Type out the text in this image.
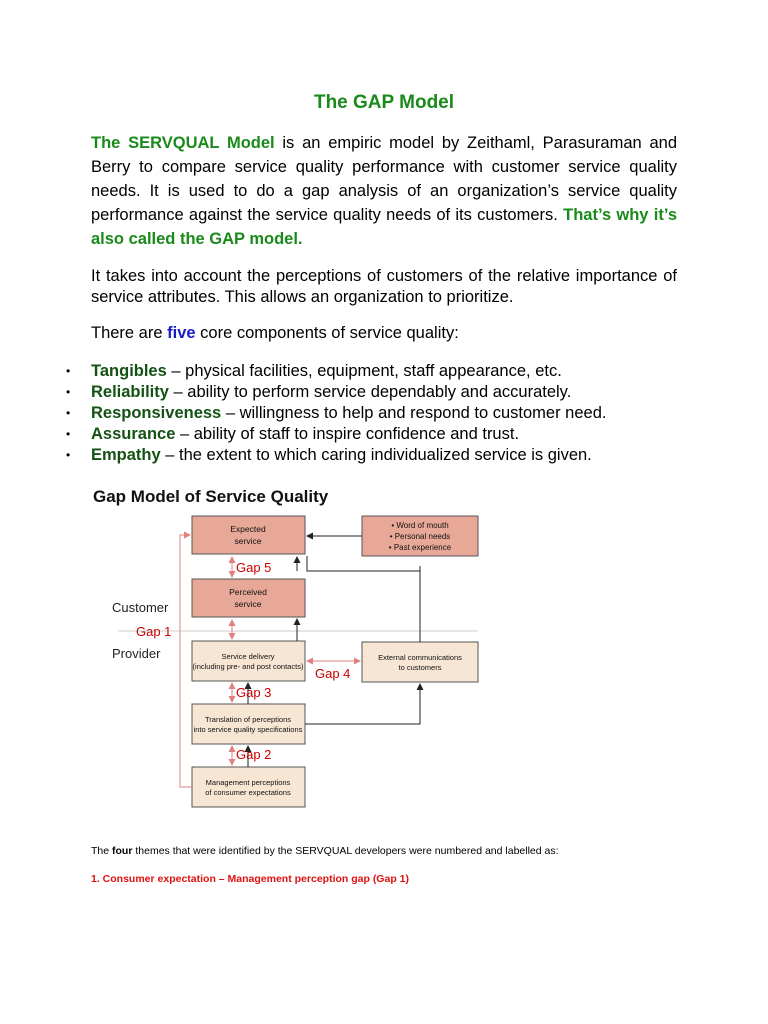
The GAP Model

The SERVQUAL Model is an empiric model by Zeithaml, Parasuraman and Berry to compare service quality performance with customer service quality needs. It is used to do a gap analysis of an organization’s service quality performance against the service quality needs of its customers. That’s why it’s also called the GAP model.

It takes into account the perceptions of customers of the relative importance of service attributes. This allows an organization to prioritize.

There are five core components of service quality:

• Tangibles – physical facilities, equipment, staff appearance, etc.
• Reliability – ability to perform service dependably and accurately.
• Responsiveness – willingness to help and respond to customer need.
• Assurance – ability of staff to inspire confidence and trust.
• Empathy – the extent to which caring individualized service is given.
Gap Model of Service Quality
Customer
Gap 1
Provider
Expected
service
Perceived
service
• Word of mouth
• Personal needs
• Past experience
Service delivery
(including pre- and post contacts)
External communications
to customers
Translation of perceptions
into service quality specifications
Management perceptions
of consumer expectations
Gap 5
Gap 3
Gap 2
Gap 4
The four themes that were identified by the SERVQUAL developers were numbered and labelled as:
1. Consumer expectation – Management perception gap (Gap 1)
